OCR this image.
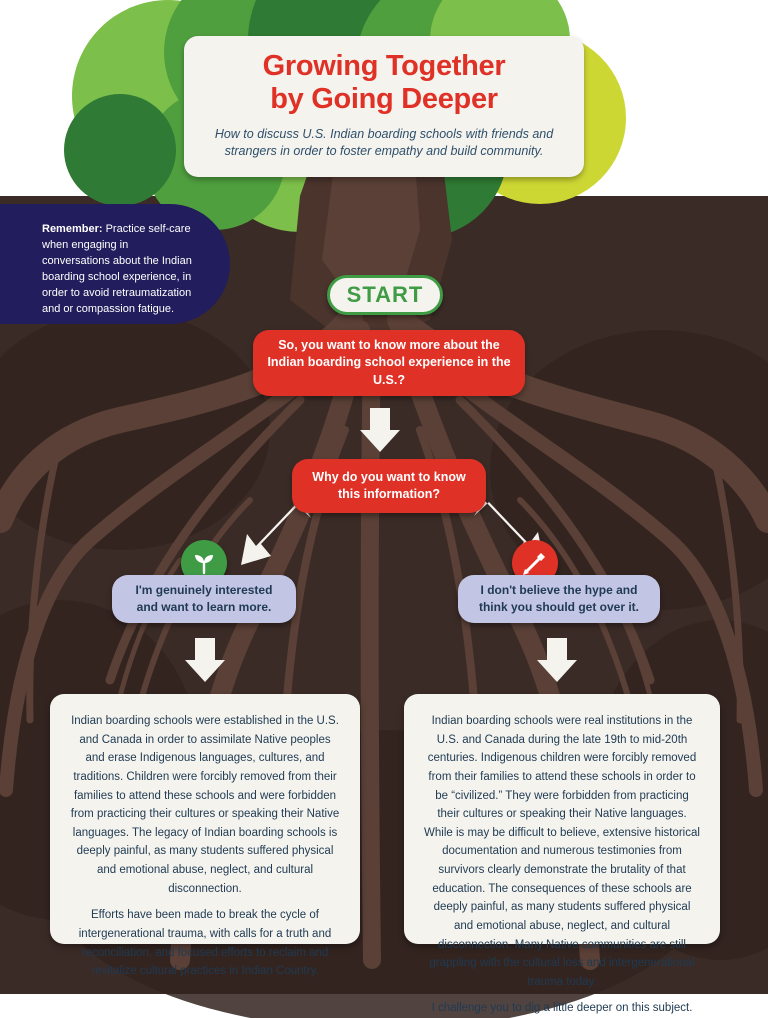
Growing Together
by Going Deeper

How to discuss U.S. Indian boarding schools with friends and strangers in order to foster empathy and build community.

Remember: Practice self-care when engaging in conversations about the Indian boarding school experience, in order to avoid retraumatization and or compassion fatigue.
START
So, you want to know more about the Indian boarding school experience in the U.S.?
Why do you want to know this information?
I'm genuinely interested and want to learn more.
I don't believe the hype and think you should get over it.

Indian boarding schools were established in the U.S. and Canada in order to assimilate Native peoples and erase Indigenous languages, cultures, and traditions. Children were forcibly removed from their families to attend these schools and were forbidden from practicing their cultures or speaking their Native languages. The legacy of Indian boarding schools is deeply painful, as many students suffered physical and emotional abuse, neglect, and cultural disconnection.

Efforts have been made to break the cycle of intergenerational trauma, with calls for a truth and reconciliation, and focused efforts to reclaim and revitalize cultural practices in Indian Country.

Indian boarding schools were real institutions in the U.S. and Canada during the late 19th to mid-20th centuries. Indigenous children were forcibly removed from their families to attend these schools in order to be “civilized.” They were forbidden from practicing their cultures or speaking their Native languages. While is may be difficult to believe, extensive historical documentation and numerous testimonies from survivors clearly demonstrate the brutality of that education. The consequences of these schools are deeply painful, as many students suffered physical and emotional abuse, neglect, and cultural disconnection. Many Native communities are still grappling with the cultural loss and intergenerational trauma today.

I challenge you to dig a little deeper on this subject.
